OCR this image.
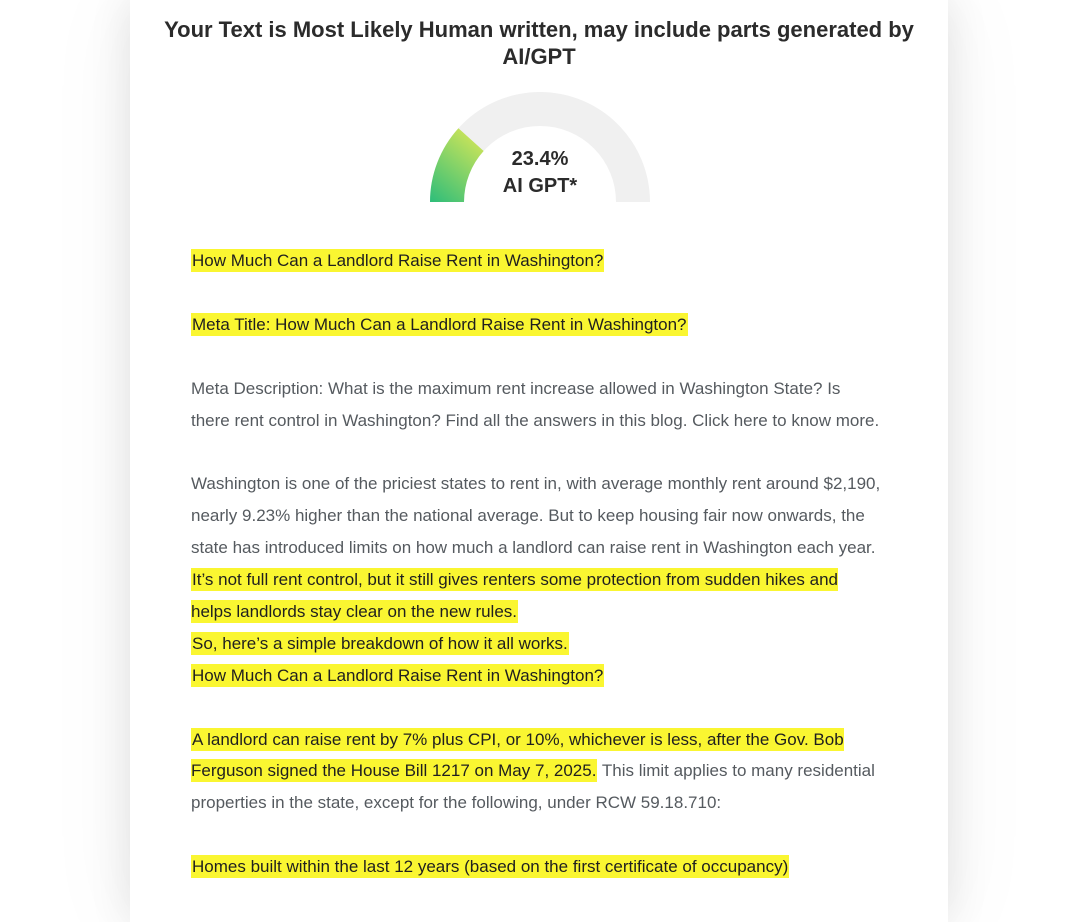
Your Text is Most Likely Human written, may include parts generated by AI/GPT
23.4%
AI GPT*

How Much Can a Landlord Raise Rent in Washington?

Meta Title: How Much Can a Landlord Raise Rent in Washington?

Meta Description: What is the maximum rent increase allowed in Washington State? Is there rent control in Washington? Find all the answers in this blog. Click here to know more.

Washington is one of the priciest states to rent in, with average monthly rent around $2,190, nearly 9.23% higher than the national average. But to keep housing fair now onwards, the state has introduced limits on how much a landlord can raise rent in Washington each year. It’s not full rent control, but it still gives renters some protection from sudden hikes and helps landlords stay clear on the new rules.

So, here’s a simple breakdown of how it all works.

How Much Can a Landlord Raise Rent in Washington?

A landlord can raise rent by 7% plus CPI, or 10%, whichever is less, after the Gov. Bob Ferguson signed the House Bill 1217 on May 7, 2025. This limit applies to many residential properties in the state, except for the following, under RCW 59.18.710:

Homes built within the last 12 years (based on the first certificate of occupancy)
